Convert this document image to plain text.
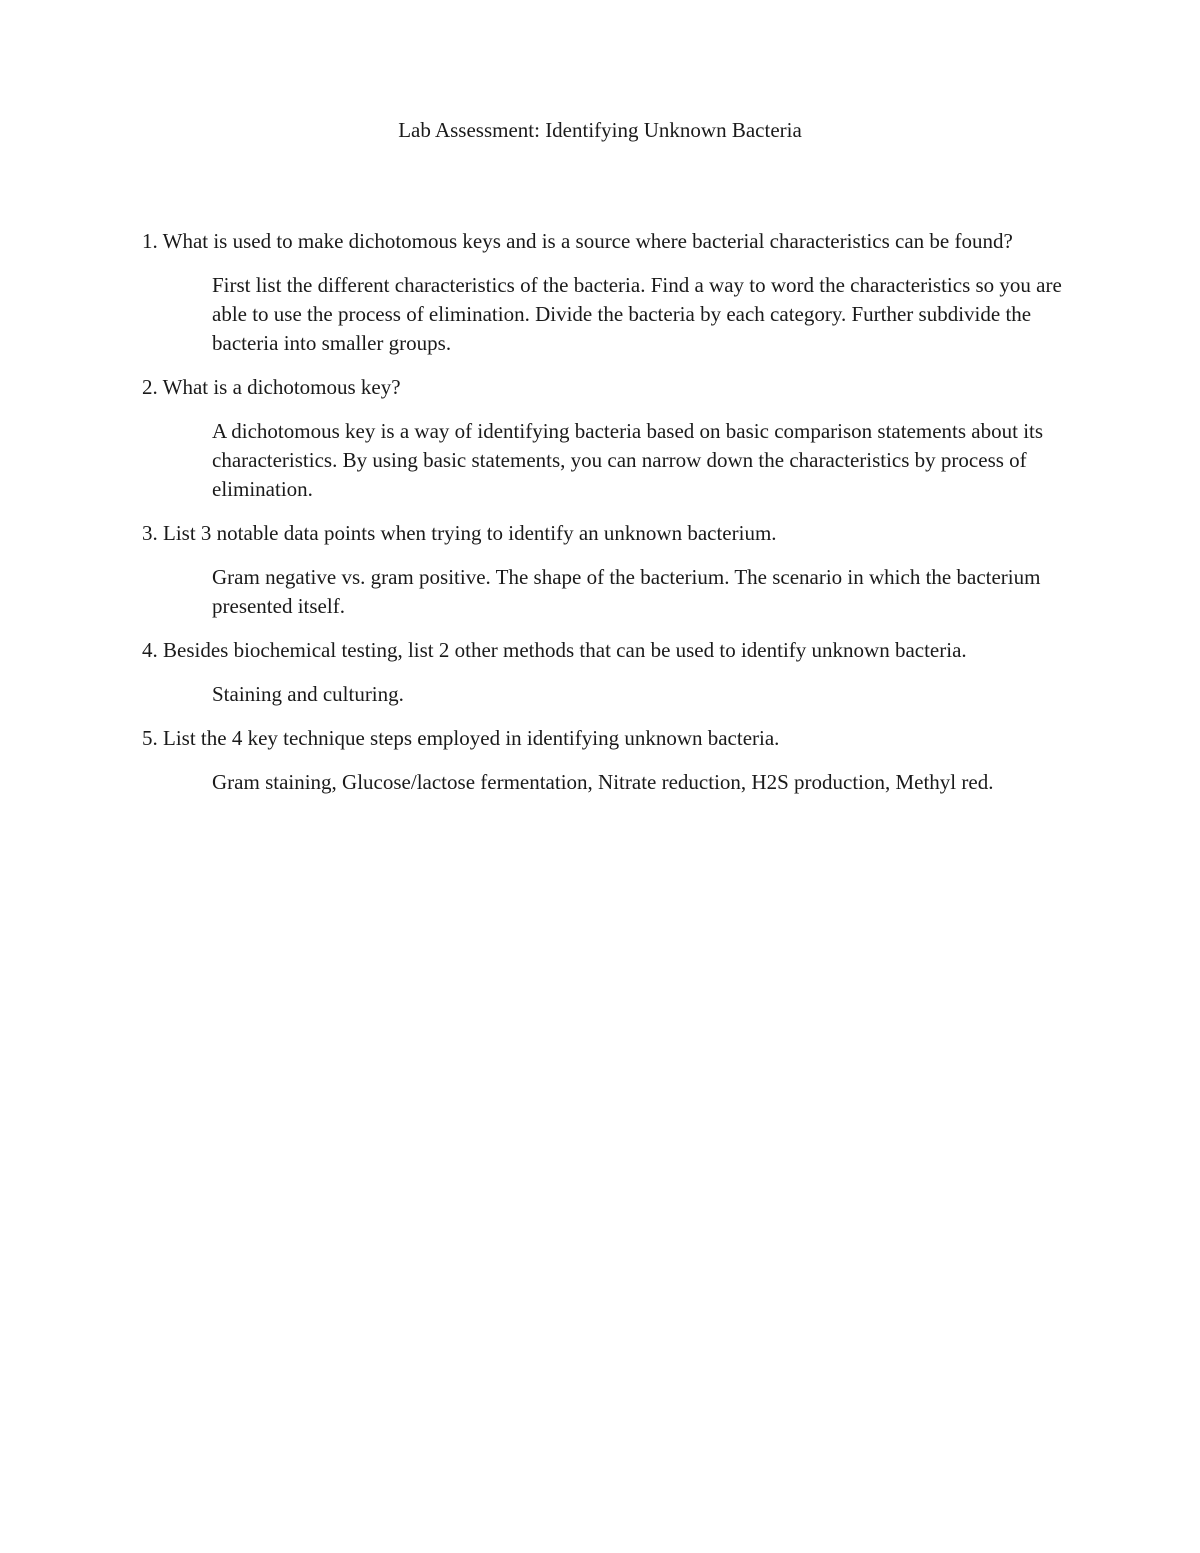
Lab Assessment: Identifying Unknown Bacteria

1. What is used to make dichotomous keys and is a source where bacterial characteristics can be found?

First list the different characteristics of the bacteria. Find a way to word the characteristics so you are able to use the process of elimination. Divide the bacteria by each category. Further subdivide the bacteria into smaller groups.

2. What is a dichotomous key?

A dichotomous key is a way of identifying bacteria based on basic comparison statements about its characteristics. By using basic statements, you can narrow down the characteristics by process of elimination.

3. List 3 notable data points when trying to identify an unknown bacterium.

Gram negative vs. gram positive. The shape of the bacterium. The scenario in which the bacterium presented itself.

4. Besides biochemical testing, list 2 other methods that can be used to identify unknown bacteria.

Staining and culturing.

5. List the 4 key technique steps employed in identifying unknown bacteria.

Gram staining, Glucose/lactose fermentation, Nitrate reduction, H2S production, Methyl red.
